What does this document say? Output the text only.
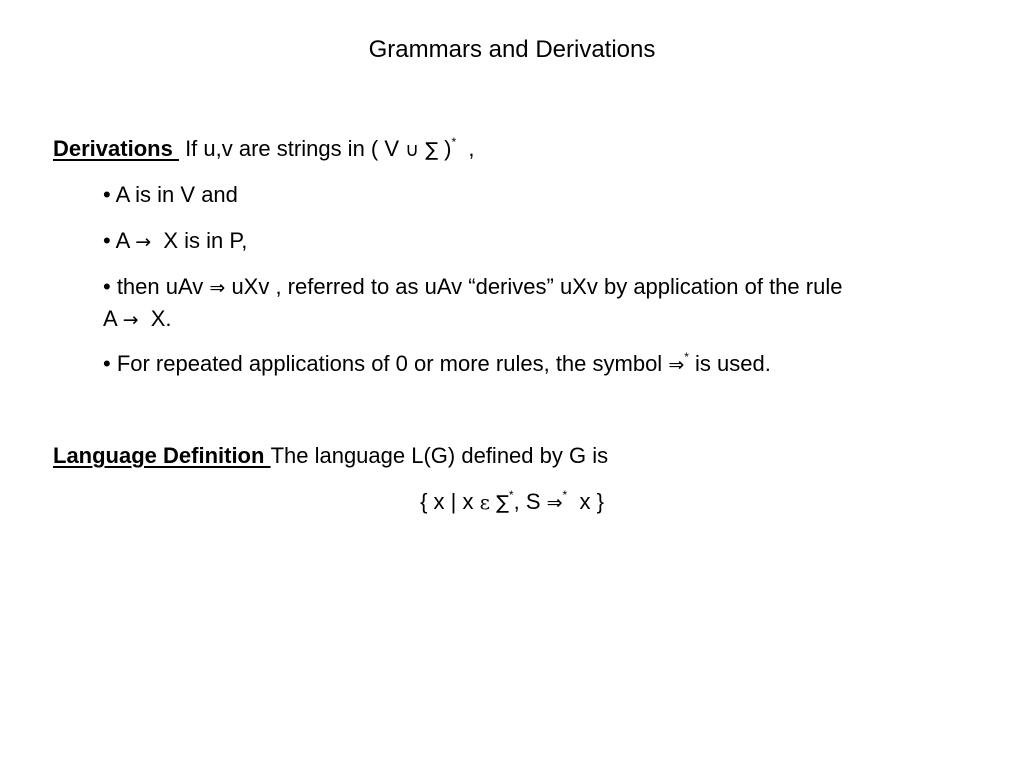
Grammars and Derivations
Derivations  If u,v are strings in ( V ∪ ∑ )* ,
• A is in V and
• A → X is in P,
• then uAv ⇒ uXv , referred to as uAv “derives” uXv by application of the rule
A → X.
• For repeated applications of 0 or more rules, the symbol ⇒* is used.
Language Definition The language L(G) defined by G is
{ x | x ε ∑*, S ⇒* x }
